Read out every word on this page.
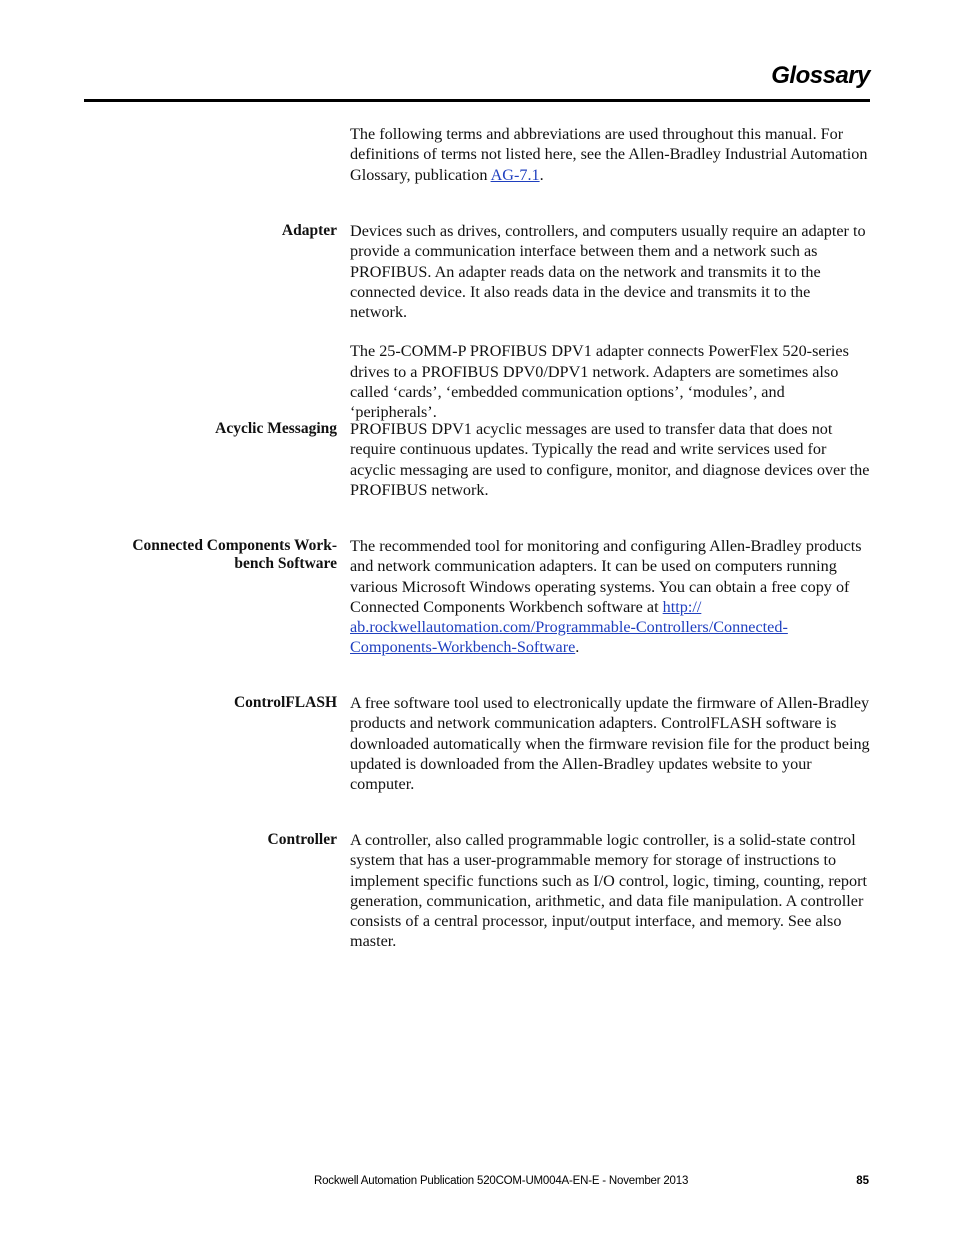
Glossary
The following terms and abbreviations are used throughout this manual. For definitions of terms not listed here, see the Allen-Bradley Industrial Automation Glossary, publication AG-7.1.
Adapter Devices such as drives, controllers, and computers usually require an adapter to provide a communication interface between them and a network such as PROFIBUS. An adapter reads data on the network and transmits it to the connected device. It also reads data in the device and transmits it to the network.

The 25-COMM-P PROFIBUS DPV1 adapter connects PowerFlex 520-series drives to a PROFIBUS DPV0/DPV1 network. Adapters are sometimes also called ‘cards’, ‘embedded communication options’, ‘modules’, and ‘peripherals’.

Acyclic Messaging PROFIBUS DPV1 acyclic messages are used to transfer data that does not require continuous updates. Typically the read and write services used for acyclic messaging are used to configure, monitor, and diagnose devices over the PROFIBUS network.

Connected Components Work-
bench Software

The recommended tool for monitoring and configuring Allen-Bradley products and network communication adapters. It can be used on computers running various Microsoft Windows operating systems. You can obtain a free copy of Connected Components Workbench software at http://
ab.rockwellautomation.com/Programmable-Controllers/Connected-
Components-Workbench-Software.

ControlFLASH A free software tool used to electronically update the firmware of Allen-Bradley products and network communication adapters. ControlFLASH software is downloaded automatically when the firmware revision file for the product being updated is downloaded from the Allen-Bradley updates website to your computer.

Controller A controller, also called programmable logic controller, is a solid-state control system that has a user-programmable memory for storage of instructions to implement specific functions such as I/O control, logic, timing, counting, report generation, communication, arithmetic, and data file manipulation. A controller consists of a central processor, input/output interface, and memory. See also master.

Rockwell Automation Publication 520COM-UM004A-EN-E - November 2013	85
